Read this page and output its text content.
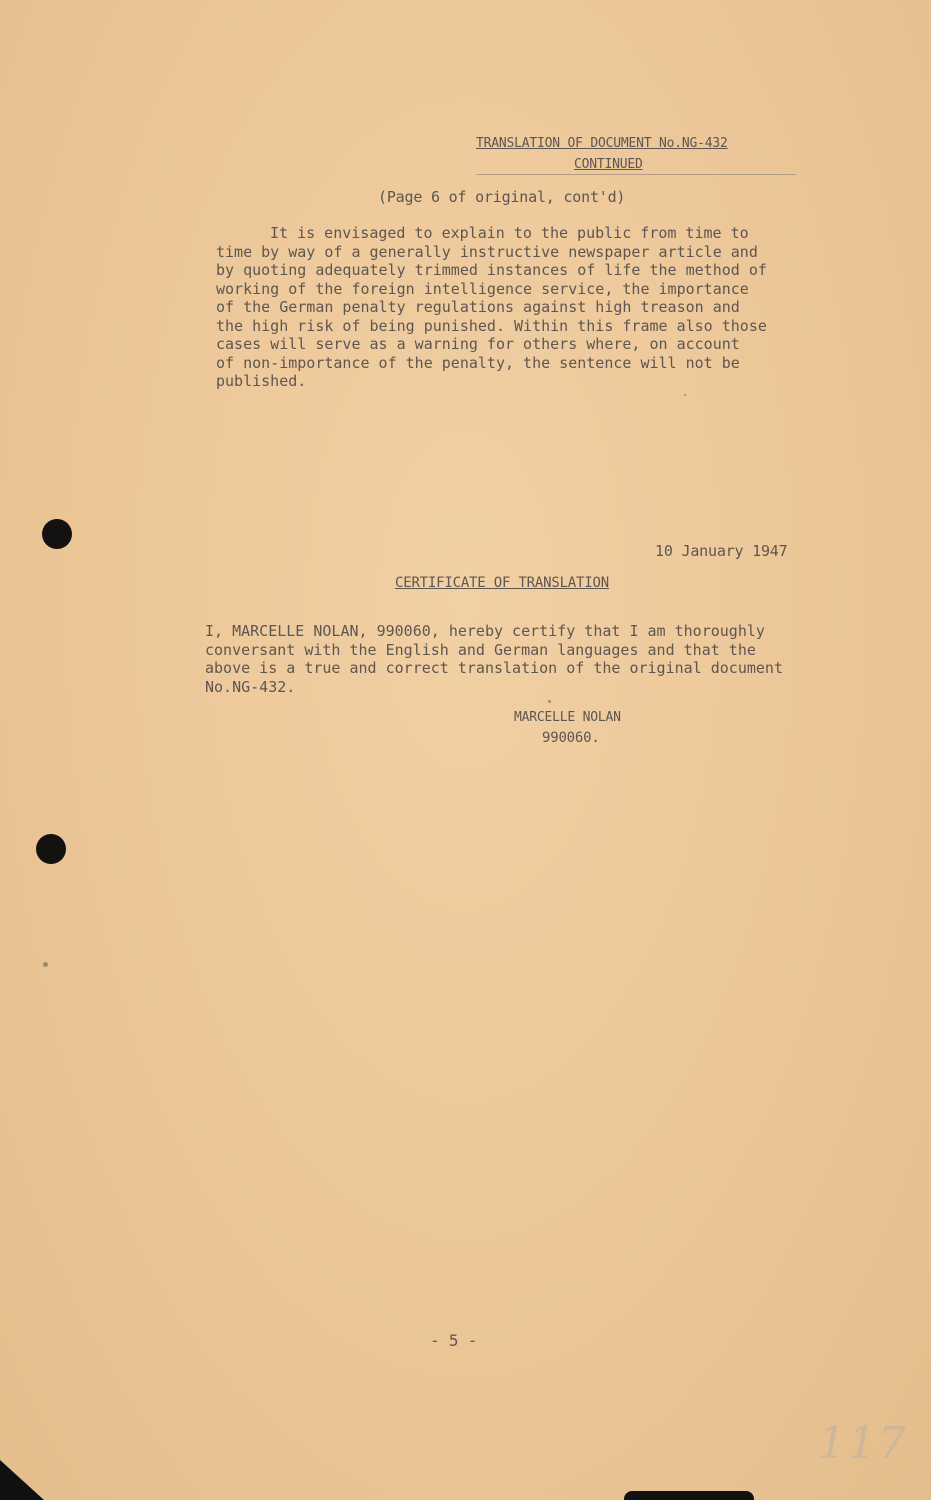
TRANSLATION OF DOCUMENT No.NG-432
CONTINUED
(Page 6 of original, cont'd)
It is envisaged to explain to the public from time to
time by way of a generally instructive newspaper article and
by quoting adequately trimmed instances of life the method of
working of the foreign intelligence service, the importance
of the German penalty regulations against high treason and
the high risk of being punished. Within this frame also those
cases will serve as a warning for others where, on account
of non-importance of the penalty, the sentence will not be
published.
10 January 1947
CERTIFICATE OF TRANSLATION
I, MARCELLE NOLAN, 990060, hereby certify that I am thoroughly
conversant with the English and German languages and that the
above is a true and correct translation of the original document
No.NG-432.
MARCELLE NOLAN
990060.
- 5 -
117
